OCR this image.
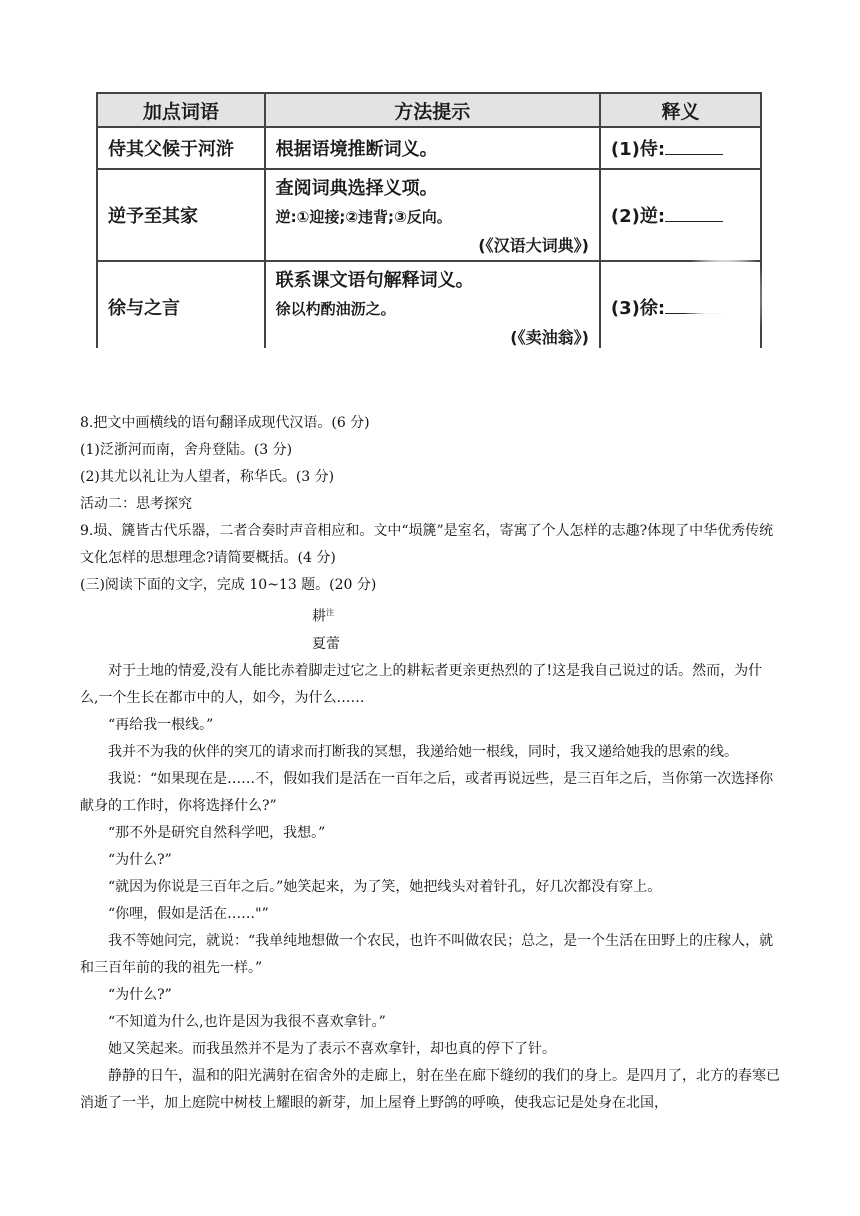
加点词语	方法提示	释义
侍其父候于河浒	根据语境推断词义。	(1)侍:
逆予至其家	查阅词典选择义项。
逆:①迎接;②违背;③反向。
(《汉语大词典》)	(2)逆:
徐与之言	联系课文语句解释词义。
徐以杓酌油沥之。
(《卖油翁》)	(3)徐:

8.把文中画横线的语句翻译成现代汉语。(6 分)

(1)泛浙河而南，舍舟登陆。(3 分)

(2)其尤以礼让为人望者，称华氏。(3 分)

活动二：思考探究

9.埙、篪皆古代乐器，二者合奏时声音相应和。文中“埙篪”是室名，寄寓了个人怎样的志趣?体现了中华优秀传统文化怎样的思想理念?请简要概括。(4 分)

(三)阅读下面的文字，完成 10~13 题。(20 分)

耕$^注$

夏蕾

对于土地的情爱,没有人能比赤着脚走过它之上的耕耘者更亲更热烈的了!这是我自己说过的话。然而，为什么,一个生长在都市中的人，如今，为什么……

“再给我一根线。”

我并不为我的伙伴的突兀的请求而打断我的冥想，我递给她一根线，同时，我又递给她我的思索的线。

我说：“如果现在是……不，假如我们是活在一百年之后，或者再说远些，是三百年之后，当你第一次选择你献身的工作时，你将选择什么?”

“那不外是研究自然科学吧，我想。”

“为什么?”

“就因为你说是三百年之后。”她笑起来，为了笑，她把线头对着针孔，好几次都没有穿上。

“你哩，假如是活在……"”

我不等她问完，就说：“我单纯地想做一个农民，也许不叫做农民；总之，是一个生活在田野上的庄稼人，就和三百年前的我的祖先一样。”

“为什么?”

“不知道为什么,也许是因为我很不喜欢拿针。”

她又笑起来。而我虽然并不是为了表示不喜欢拿针，却也真的停下了针。

静静的日午，温和的阳光满射在宿舍外的走廊上，射在坐在廊下缝纫的我们的身上。是四月了，北方的春寒已消逝了一半，加上庭院中树枝上耀眼的新芽，加上屋脊上野鸽的呼唤，使我忘记是处身在北国，
